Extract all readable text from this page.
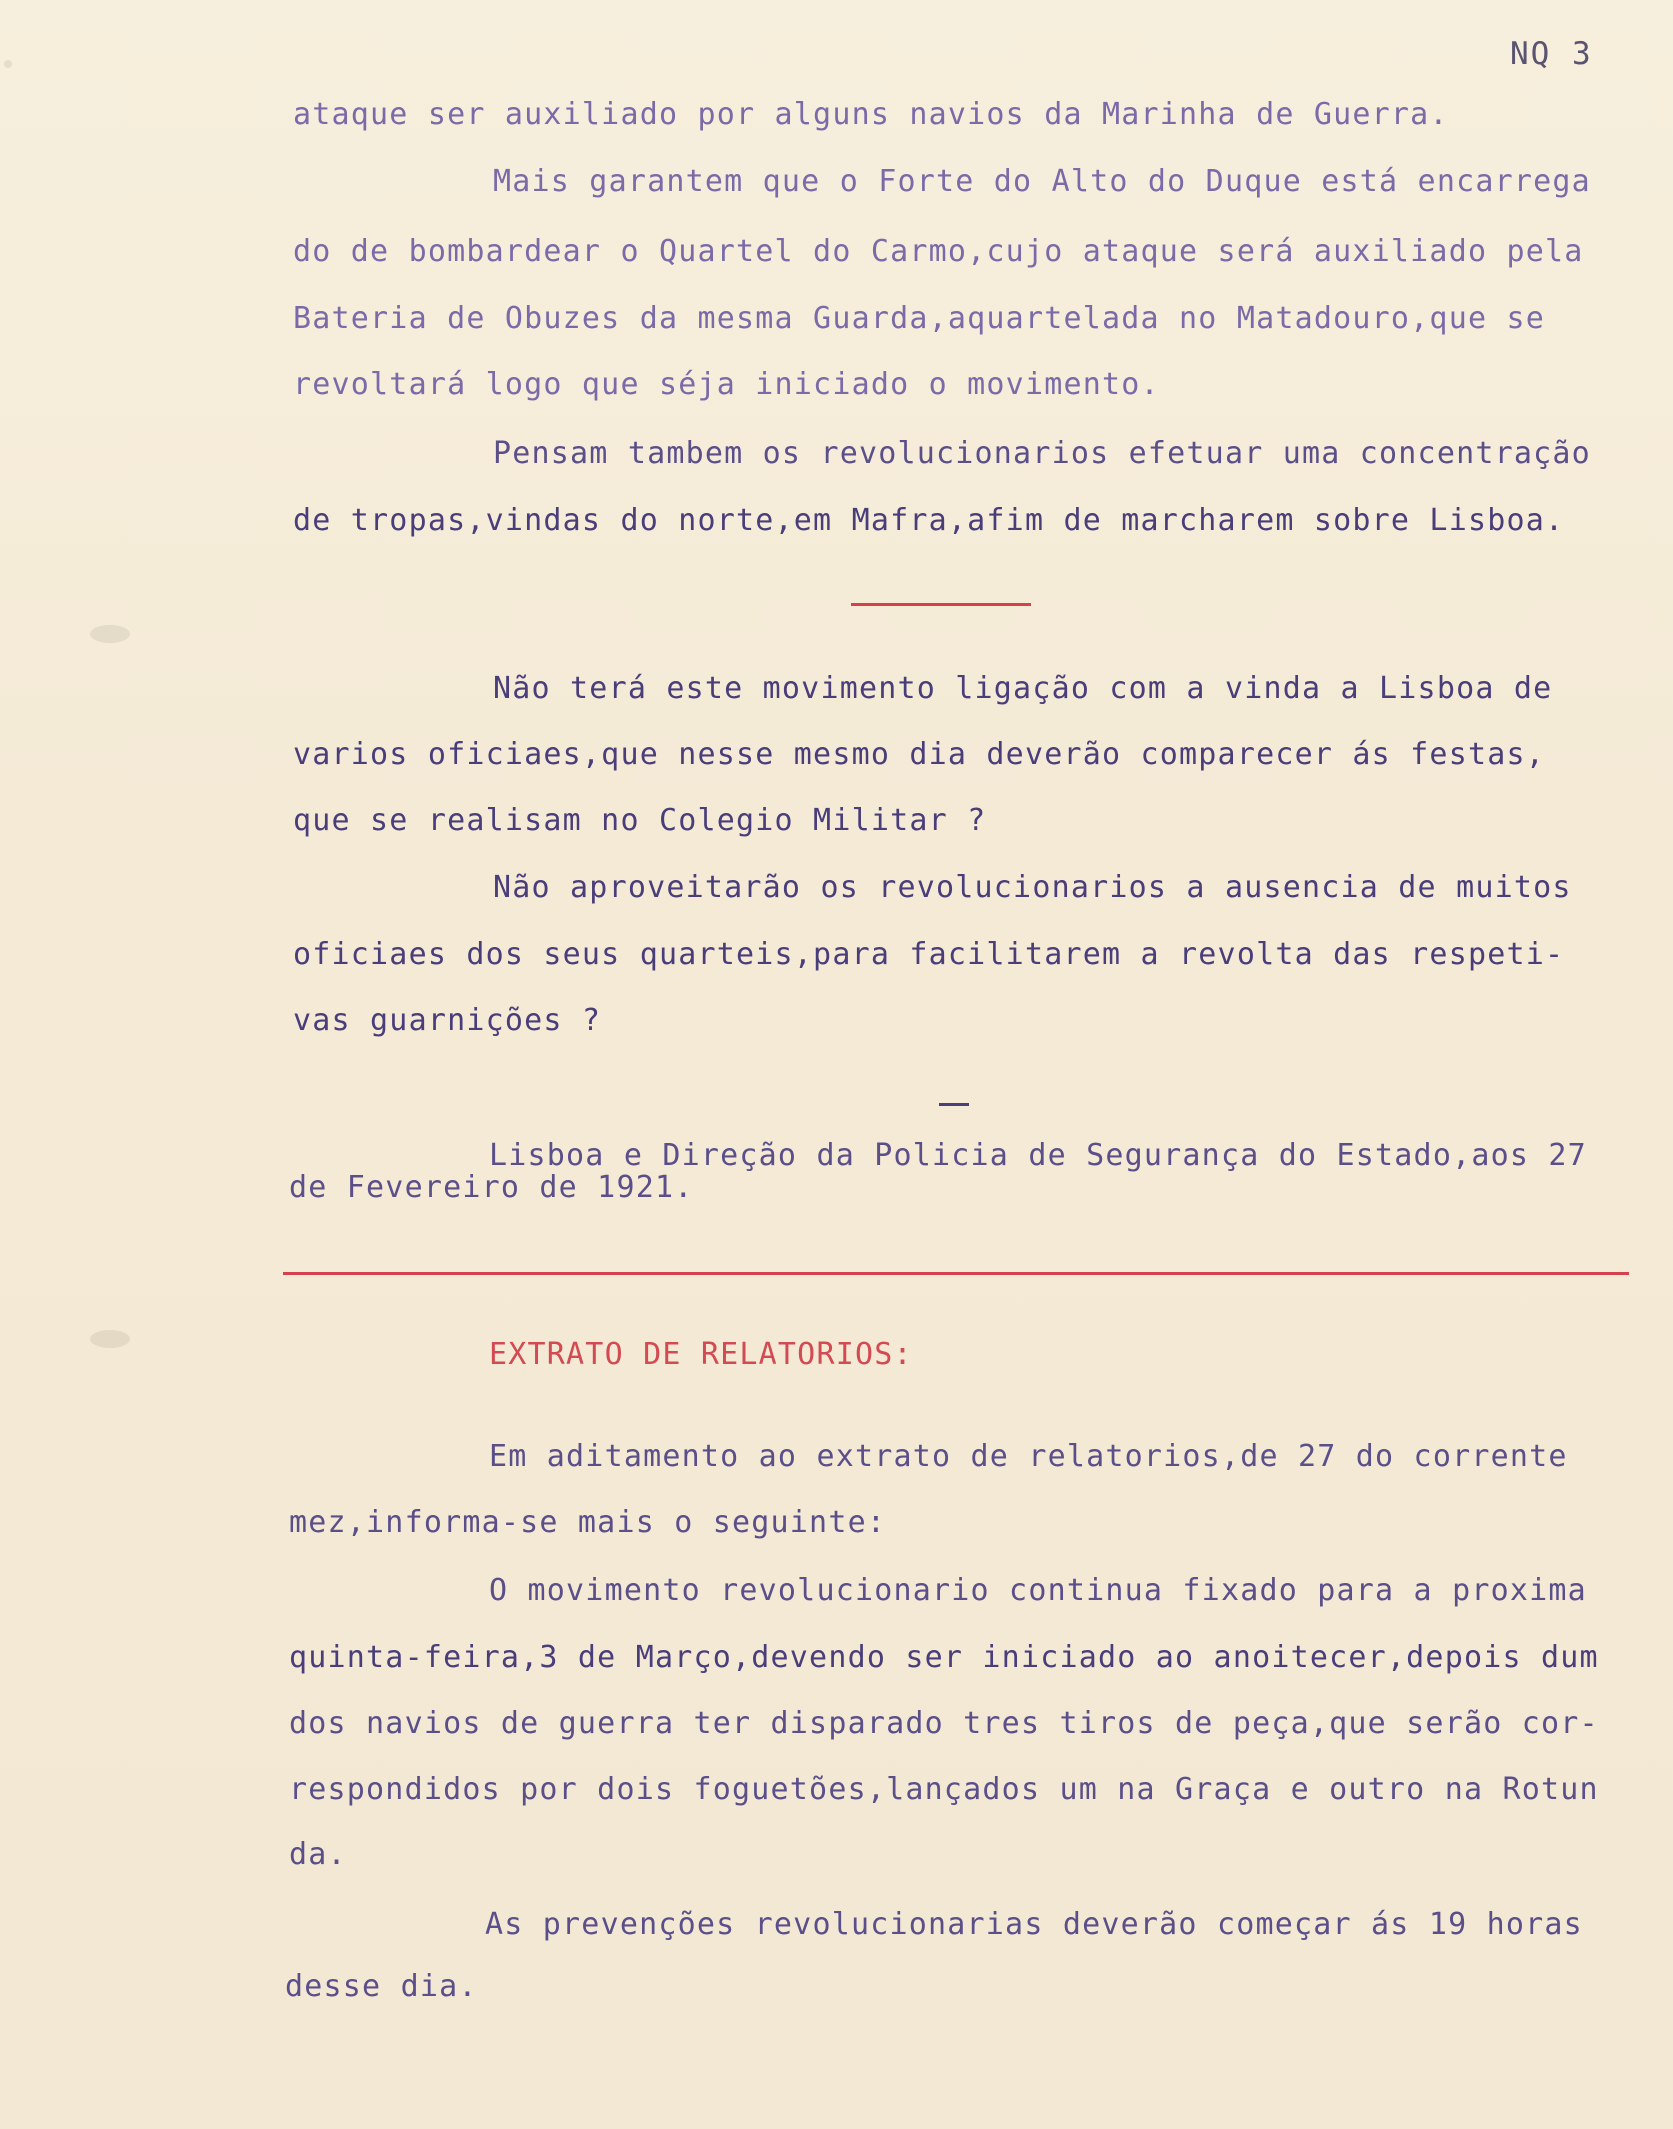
NQ 3
ataque ser auxiliado por alguns navios da Marinha de Guerra.
Mais garantem que o Forte do Alto do Duque está encarrega
do de bombardear o Quartel do Carmo,cujo ataque será auxiliado pela
Bateria de Obuzes da mesma Guarda,aquartelada no Matadouro,que se
revoltará logo que séja iniciado o movimento.
Pensam tambem os revolucionarios efetuar uma concentração
de tropas,vindas do norte,em Mafra,afim de marcharem sobre Lisboa.
Não terá este movimento ligação com a vinda a Lisboa de
varios oficiaes,que nesse mesmo dia deverão comparecer ás festas,
que se realisam no Colegio Militar ?
Não aproveitarão os revolucionarios a ausencia de muitos
oficiaes dos seus quarteis,para facilitarem a revolta das respeti-
vas guarnições ?
Lisboa e Direção da Policia de Segurança do Estado,aos 27
de Fevereiro de 1921.
EXTRATO DE RELATORIOS:
Em aditamento ao extrato de relatorios,de 27 do corrente
mez,informa-se mais o seguinte:
O movimento revolucionario continua fixado para a proxima
quinta-feira,3 de Março,devendo ser iniciado ao anoitecer,depois dum
dos navios de guerra ter disparado tres tiros de peça,que serão cor-
respondidos por dois foguetões,lançados um na Graça e outro na Rotun
da.
As prevenções revolucionarias deverão começar ás 19 horas
desse dia.
